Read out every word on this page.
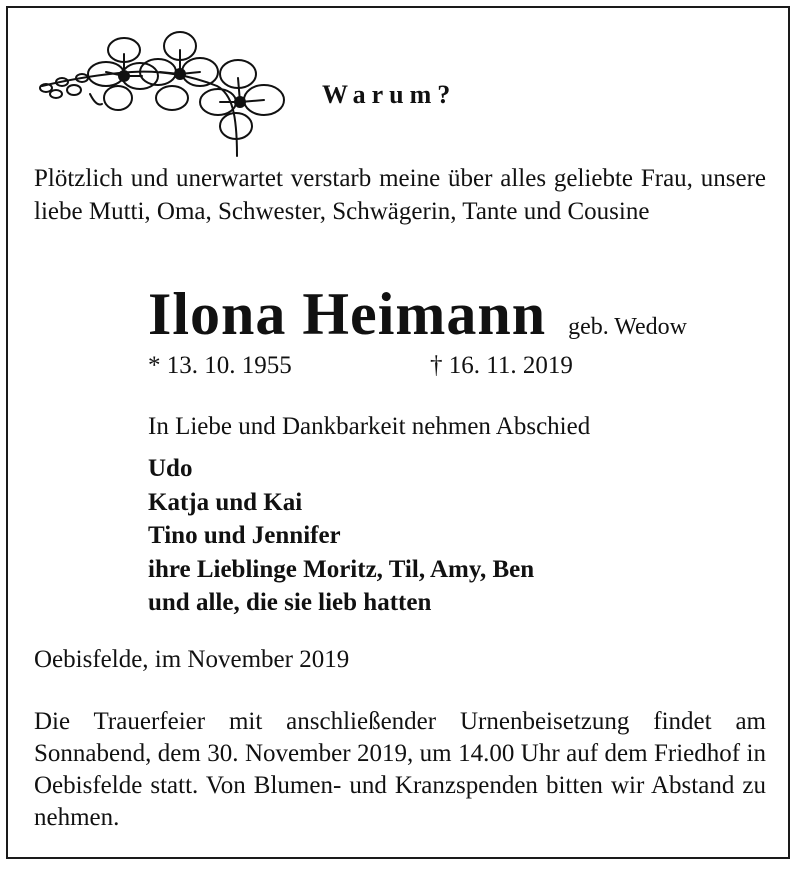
Warum?

Plötzlich und unerwartet verstarb meine über alles geliebte Frau, unsere liebe Mutti, Oma, Schwester, Schwägerin, Tante und Cousine

Ilona Heimann geb. Wedow
* 13. 10. 1955	† 16. 11. 2019
In Liebe und Dankbarkeit nehmen Abschied
Udo
Katja und Kai
Tino und Jennifer
ihre Lieblinge Moritz, Til, Amy, Ben
und alle, die sie lieb hatten
Oebisfelde, im November 2019

Die Trauerfeier mit anschließender Urnenbeisetzung findet am Sonnabend, dem 30. November 2019, um 14.00 Uhr auf dem Friedhof in Oebisfelde statt. Von Blumen- und Kranzspenden bitten wir Abstand zu nehmen.
